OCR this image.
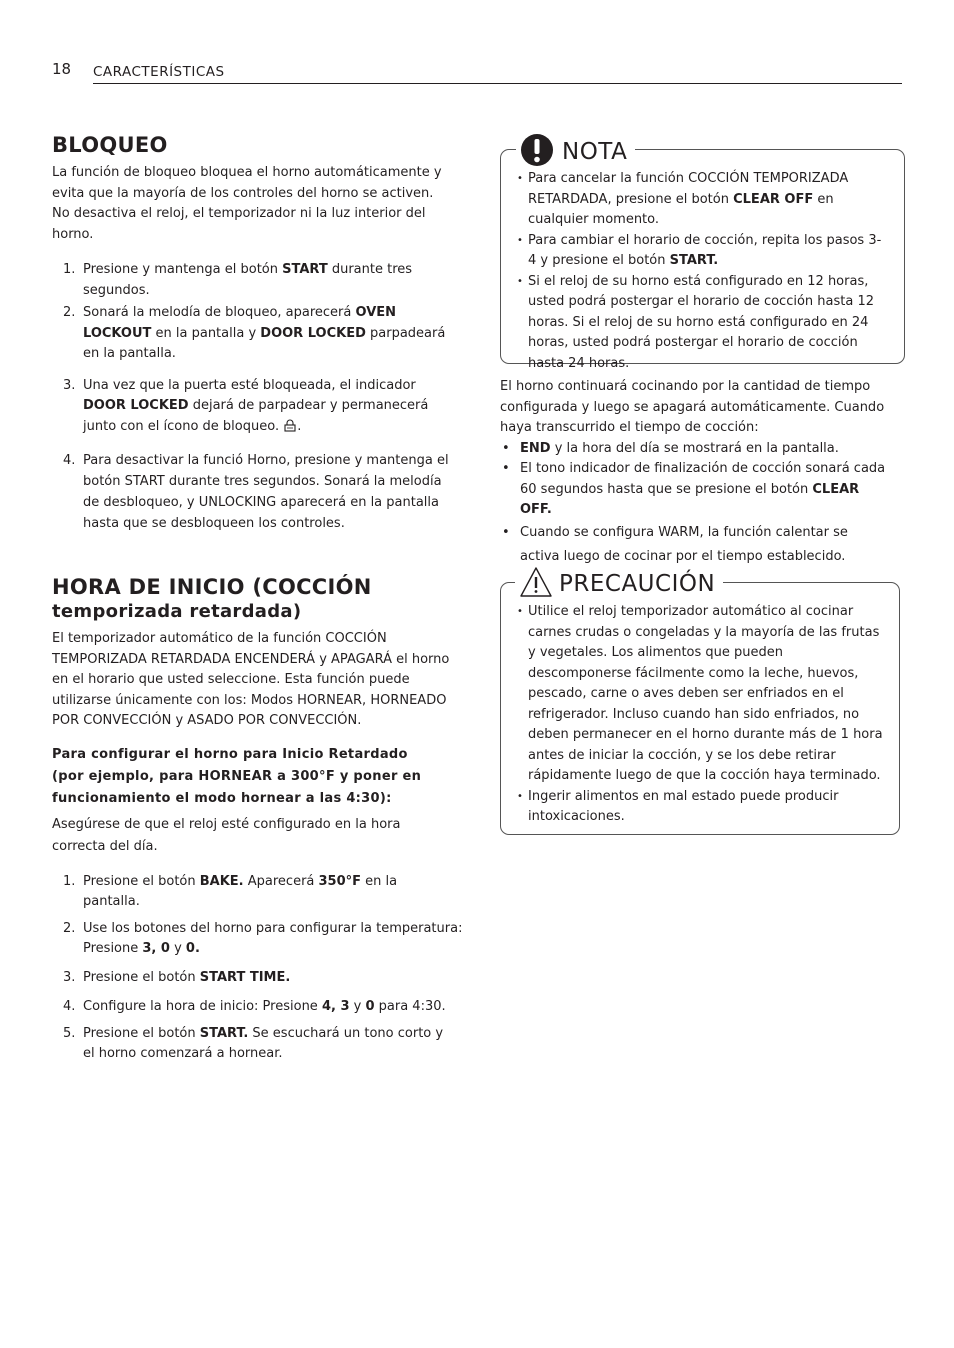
18 CARACTERÍSTICAS
BLOQUEO

La función de bloqueo bloquea el horno automáticamente y evita que la mayoría de los controles del horno se activen. No desactiva el reloj, el temporizador ni la luz interior del horno.

1. Presione y mantenga el botón START durante tres segundos.
2. Sonará la melodía de bloqueo, aparecerá OVEN LOCKOUT en la pantalla y DOOR LOCKED parpadeará en la pantalla.
3. Una vez que la puerta esté bloqueada, el indicador DOOR LOCKED dejará de parpadear y permanecerá junto con el ícono de bloqueo. .
4. Para desactivar la funció Horno, presione y mantenga el botón START durante tres segundos. Sonará la melodía de desbloqueo, y UNLOCKING aparecerá en la pantalla hasta que se desbloqueen los controles.
HORA DE INICIO (COCCIÓN
temporizada retardada)

El temporizador automático de la función COCCIÓN TEMPORIZADA RETARDADA ENCENDERÁ y APAGARÁ el horno en el horario que usted seleccione. Esta función puede utilizarse únicamente con los: Modos HORNEAR, HORNEADO POR CONVECCIÓN y ASADO POR CONVECCIÓN.

Para configurar el horno para Inicio Retardado (por ejemplo, para HORNEAR a 300°F y poner en funcionamiento el modo hornear a las 4:30):

Asegúrese de que el reloj esté configurado en la hora correcta del día.

1. Presione el botón BAKE. Aparecerá 350°F en la pantalla.
2. Use los botones del horno para configurar la temperatura: Presione 3, 0 y 0.
3. Presione el botón START TIME.
4. Configure la hora de inicio: Presione 4, 3 y 0 para 4:30.
5. Presione el botón START. Se escuchará un tono corto y el horno comenzará a hornear.
NOTA
• Para cancelar la función COCCIÓN TEMPORIZADA RETARDADA, presione el botón CLEAR OFF en cualquier momento.
• Para cambiar el horario de cocción, repita los pasos 3-4 y presione el botón START.
• Si el reloj de su horno está configurado en 12 horas, usted podrá postergar el horario de cocción hasta 12 horas. Si el reloj de su horno está configurado en 24 horas, usted podrá postergar el horario de cocción hasta 24 horas.

El horno continuará cocinando por la cantidad de tiempo configurada y luego se apagará automáticamente. Cuando haya transcurrido el tiempo de cocción:

• END y la hora del día se mostrará en la pantalla.
• El tono indicador de finalización de cocción sonará cada 60 segundos hasta que se presione el botón CLEAR OFF.
• Cuando se configura WARM, la función calentar se activa luego de cocinar por el tiempo establecido.
PRECAUCIÓN
• Utilice el reloj temporizador automático al cocinar carnes crudas o congeladas y la mayoría de las frutas y vegetales. Los alimentos que pueden descomponerse fácilmente como la leche, huevos, pescado, carne o aves deben ser enfriados en el refrigerador. Incluso cuando han sido enfriados, no deben permanecer en el horno durante más de 1 hora antes de iniciar la cocción, y se los debe retirar rápidamente luego de que la cocción haya terminado.
• Ingerir alimentos en mal estado puede producir intoxicaciones.
